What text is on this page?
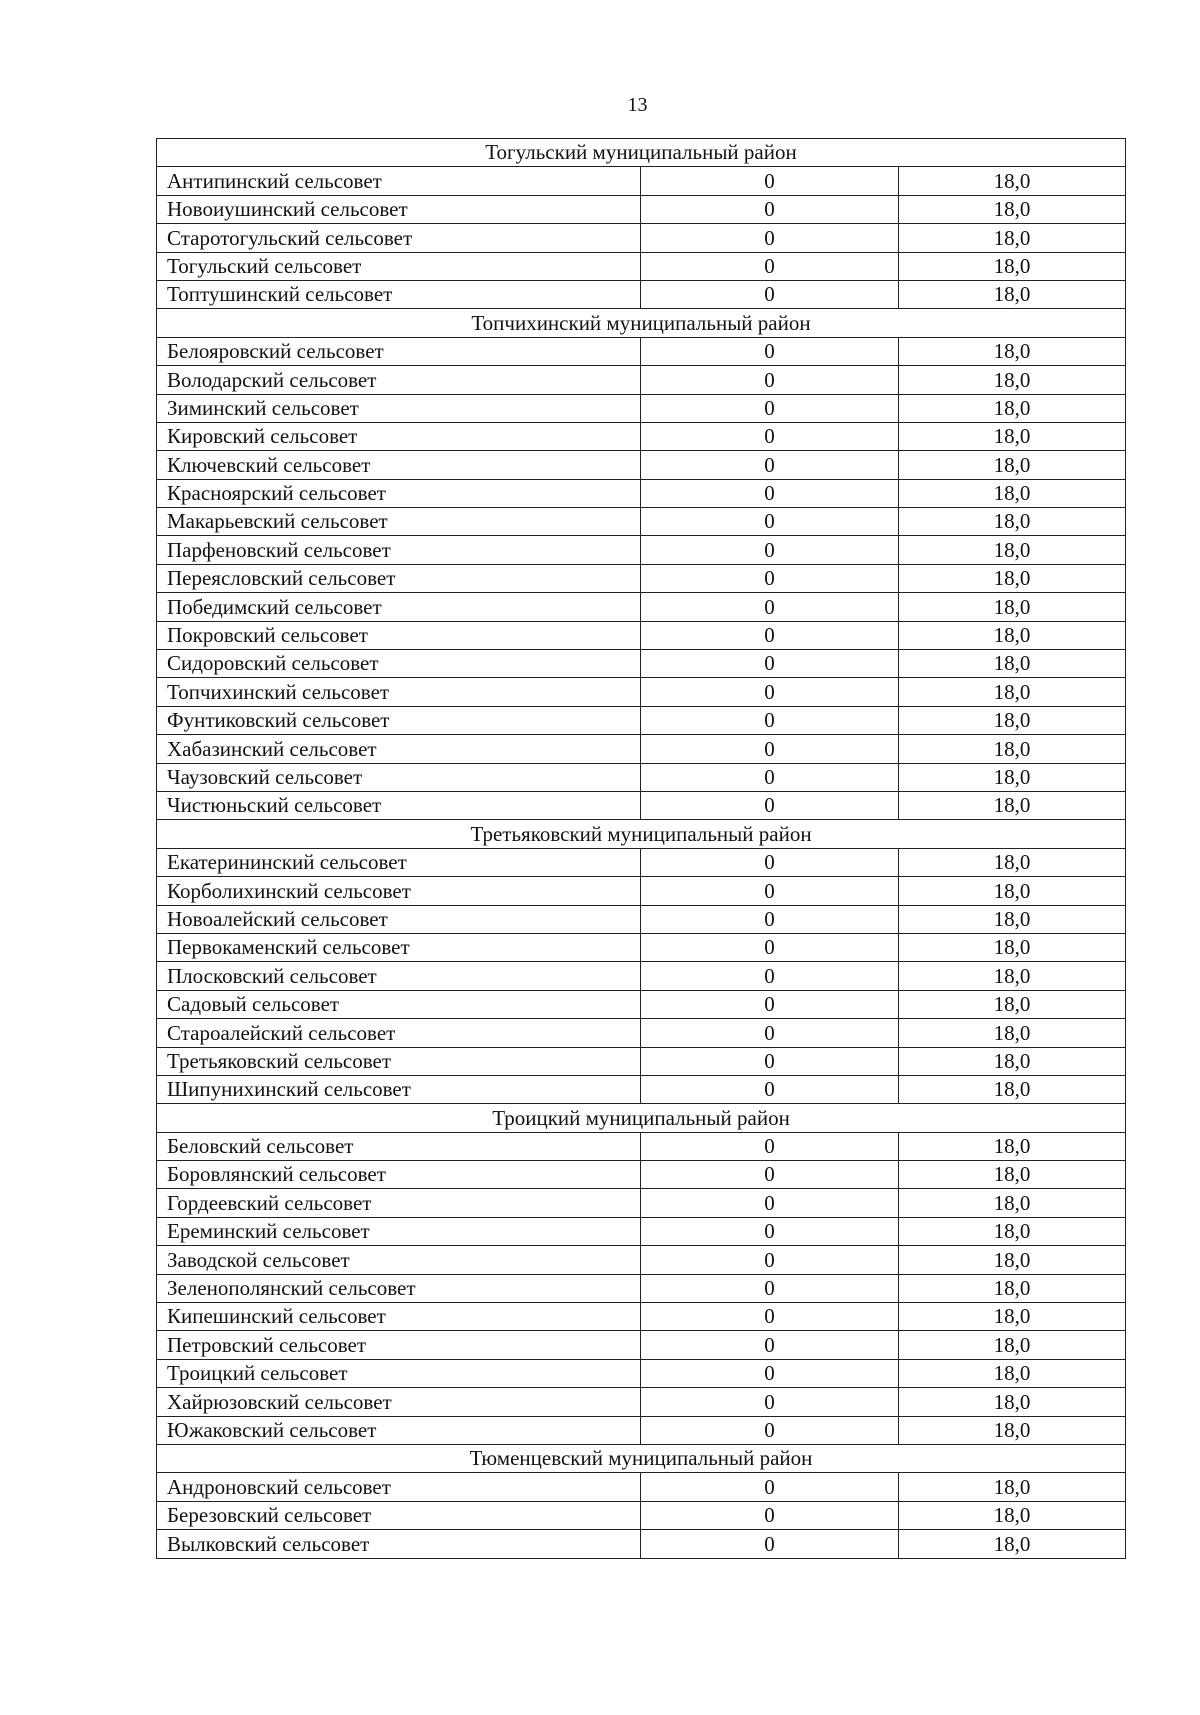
13
Тогульский муниципальный район		
Антипинский сельсовет	0	18,0
Новоиушинский сельсовет	0	18,0
Старотогульский сельсовет	0	18,0
Тогульский сельсовет	0	18,0
Топтушинский сельсовет	0	18,0
Топчихинский муниципальный район		
Белояровский сельсовет	0	18,0
Володарский сельсовет	0	18,0
Зиминский сельсовет	0	18,0
Кировский сельсовет	0	18,0
Ключевский сельсовет	0	18,0
Красноярский сельсовет	0	18,0
Макарьевский сельсовет	0	18,0
Парфеновский сельсовет	0	18,0
Переясловский сельсовет	0	18,0
Победимский сельсовет	0	18,0
Покровский сельсовет	0	18,0
Сидоровский сельсовет	0	18,0
Топчихинский сельсовет	0	18,0
Фунтиковский сельсовет	0	18,0
Хабазинский сельсовет	0	18,0
Чаузовский сельсовет	0	18,0
Чистюньский сельсовет	0	18,0
Третьяковский муниципальный район		
Екатерининский сельсовет	0	18,0
Корболихинский сельсовет	0	18,0
Новоалейский сельсовет	0	18,0
Первокаменский сельсовет	0	18,0
Плосковский сельсовет	0	18,0
Садовый сельсовет	0	18,0
Староалейский сельсовет	0	18,0
Третьяковский сельсовет	0	18,0
Шипунихинский сельсовет	0	18,0
Троицкий муниципальный район		
Беловский сельсовет	0	18,0
Боровлянский сельсовет	0	18,0
Гордеевский сельсовет	0	18,0
Ереминский сельсовет	0	18,0
Заводской сельсовет	0	18,0
Зеленополянский сельсовет	0	18,0
Кипешинский сельсовет	0	18,0
Петровский сельсовет	0	18,0
Троицкий сельсовет	0	18,0
Хайрюзовский сельсовет	0	18,0
Южаковский сельсовет	0	18,0
Тюменцевский муниципальный район		
Андроновский сельсовет	0	18,0
Березовский сельсовет	0	18,0
Вылковский сельсовет	0	18,0
